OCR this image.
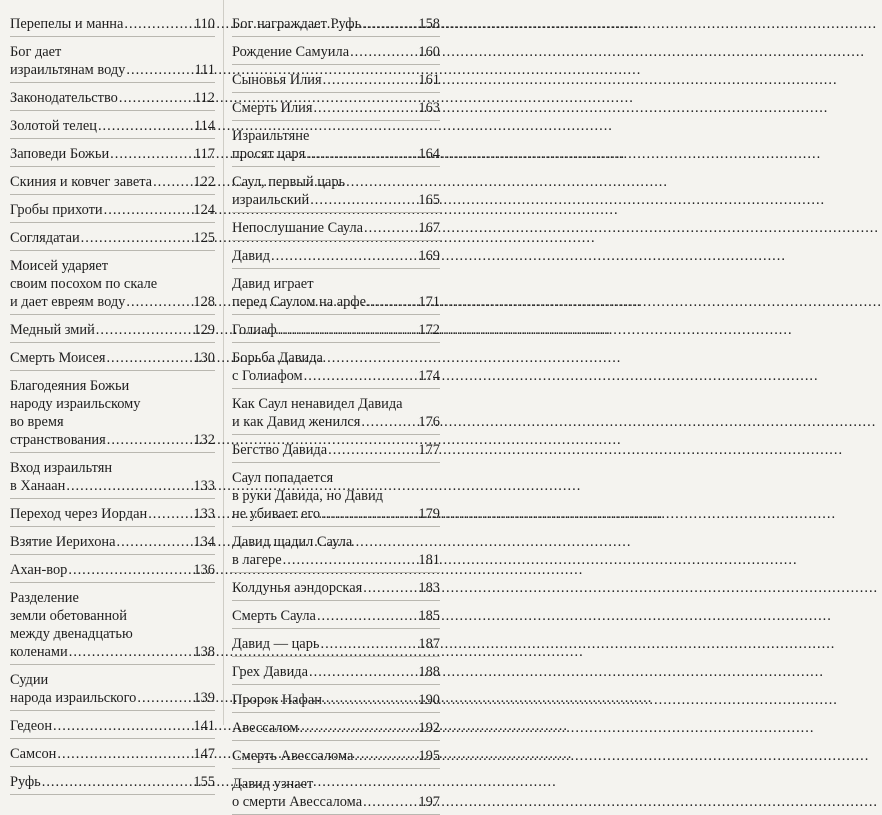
Перепелы и манна .....	110
Бог дает
израильтянам воду .....	111
Законодательство .....	112
Золотой телец .....	114
Заповеди Божьи .....	117
Скиния и ковчег завета .....	122
Гробы прихоти .....	124
Соглядатаи .....	125
Моисей ударяет
своим посохом по скале
и дает евреям воду .....	128
Медный змий .....	129
Смерть Моисея .....	130
Благодеяния Божьи
народу израильскому
во время
странствования .....	132
Вход израильтян
в Ханаан .....	133
Переход через Иордан .....	133
Взятие Иерихона .....	134
Ахан-вор .....	136
Разделение
земли обетованной
между двенадцатью
коленами .....	138
Судии
народа израильского .....	139
Гедеон .....	141
Самсон .....	147
Руфь .....	155
Бог награждает Руфь .....	158
Рождение Самуила .....	160
Сыновья Илия .....	161
Смерть Илия .....	163
Израильтяне
просят царя .....	164
Саул, первый царь
израильский .....	165
Непослушание Саула .....	167
Давид .....	169
Давид играет
перед Саулом на арфе .....	171
Голиаф .....	172
Борьба Давида
с Голиафом .....	174
Как Саул ненавидел Давида
и как Давид женился .....	176
Бегство Давида .....	177
Саул попадается
в руки Давида, но Давид
не убивает его .....	179
Давид щадил Саула
в лагере .....	181
Колдунья аэндорская .....	183
Смерть Саула .....	185
Давид — царь .....	187
Грех Давида .....	188
Пророк Нафан .....	190
Авессалом .....	192
Смерть Авессалома .....	195
Давид узнает
о смерти Авессалома .....	197
